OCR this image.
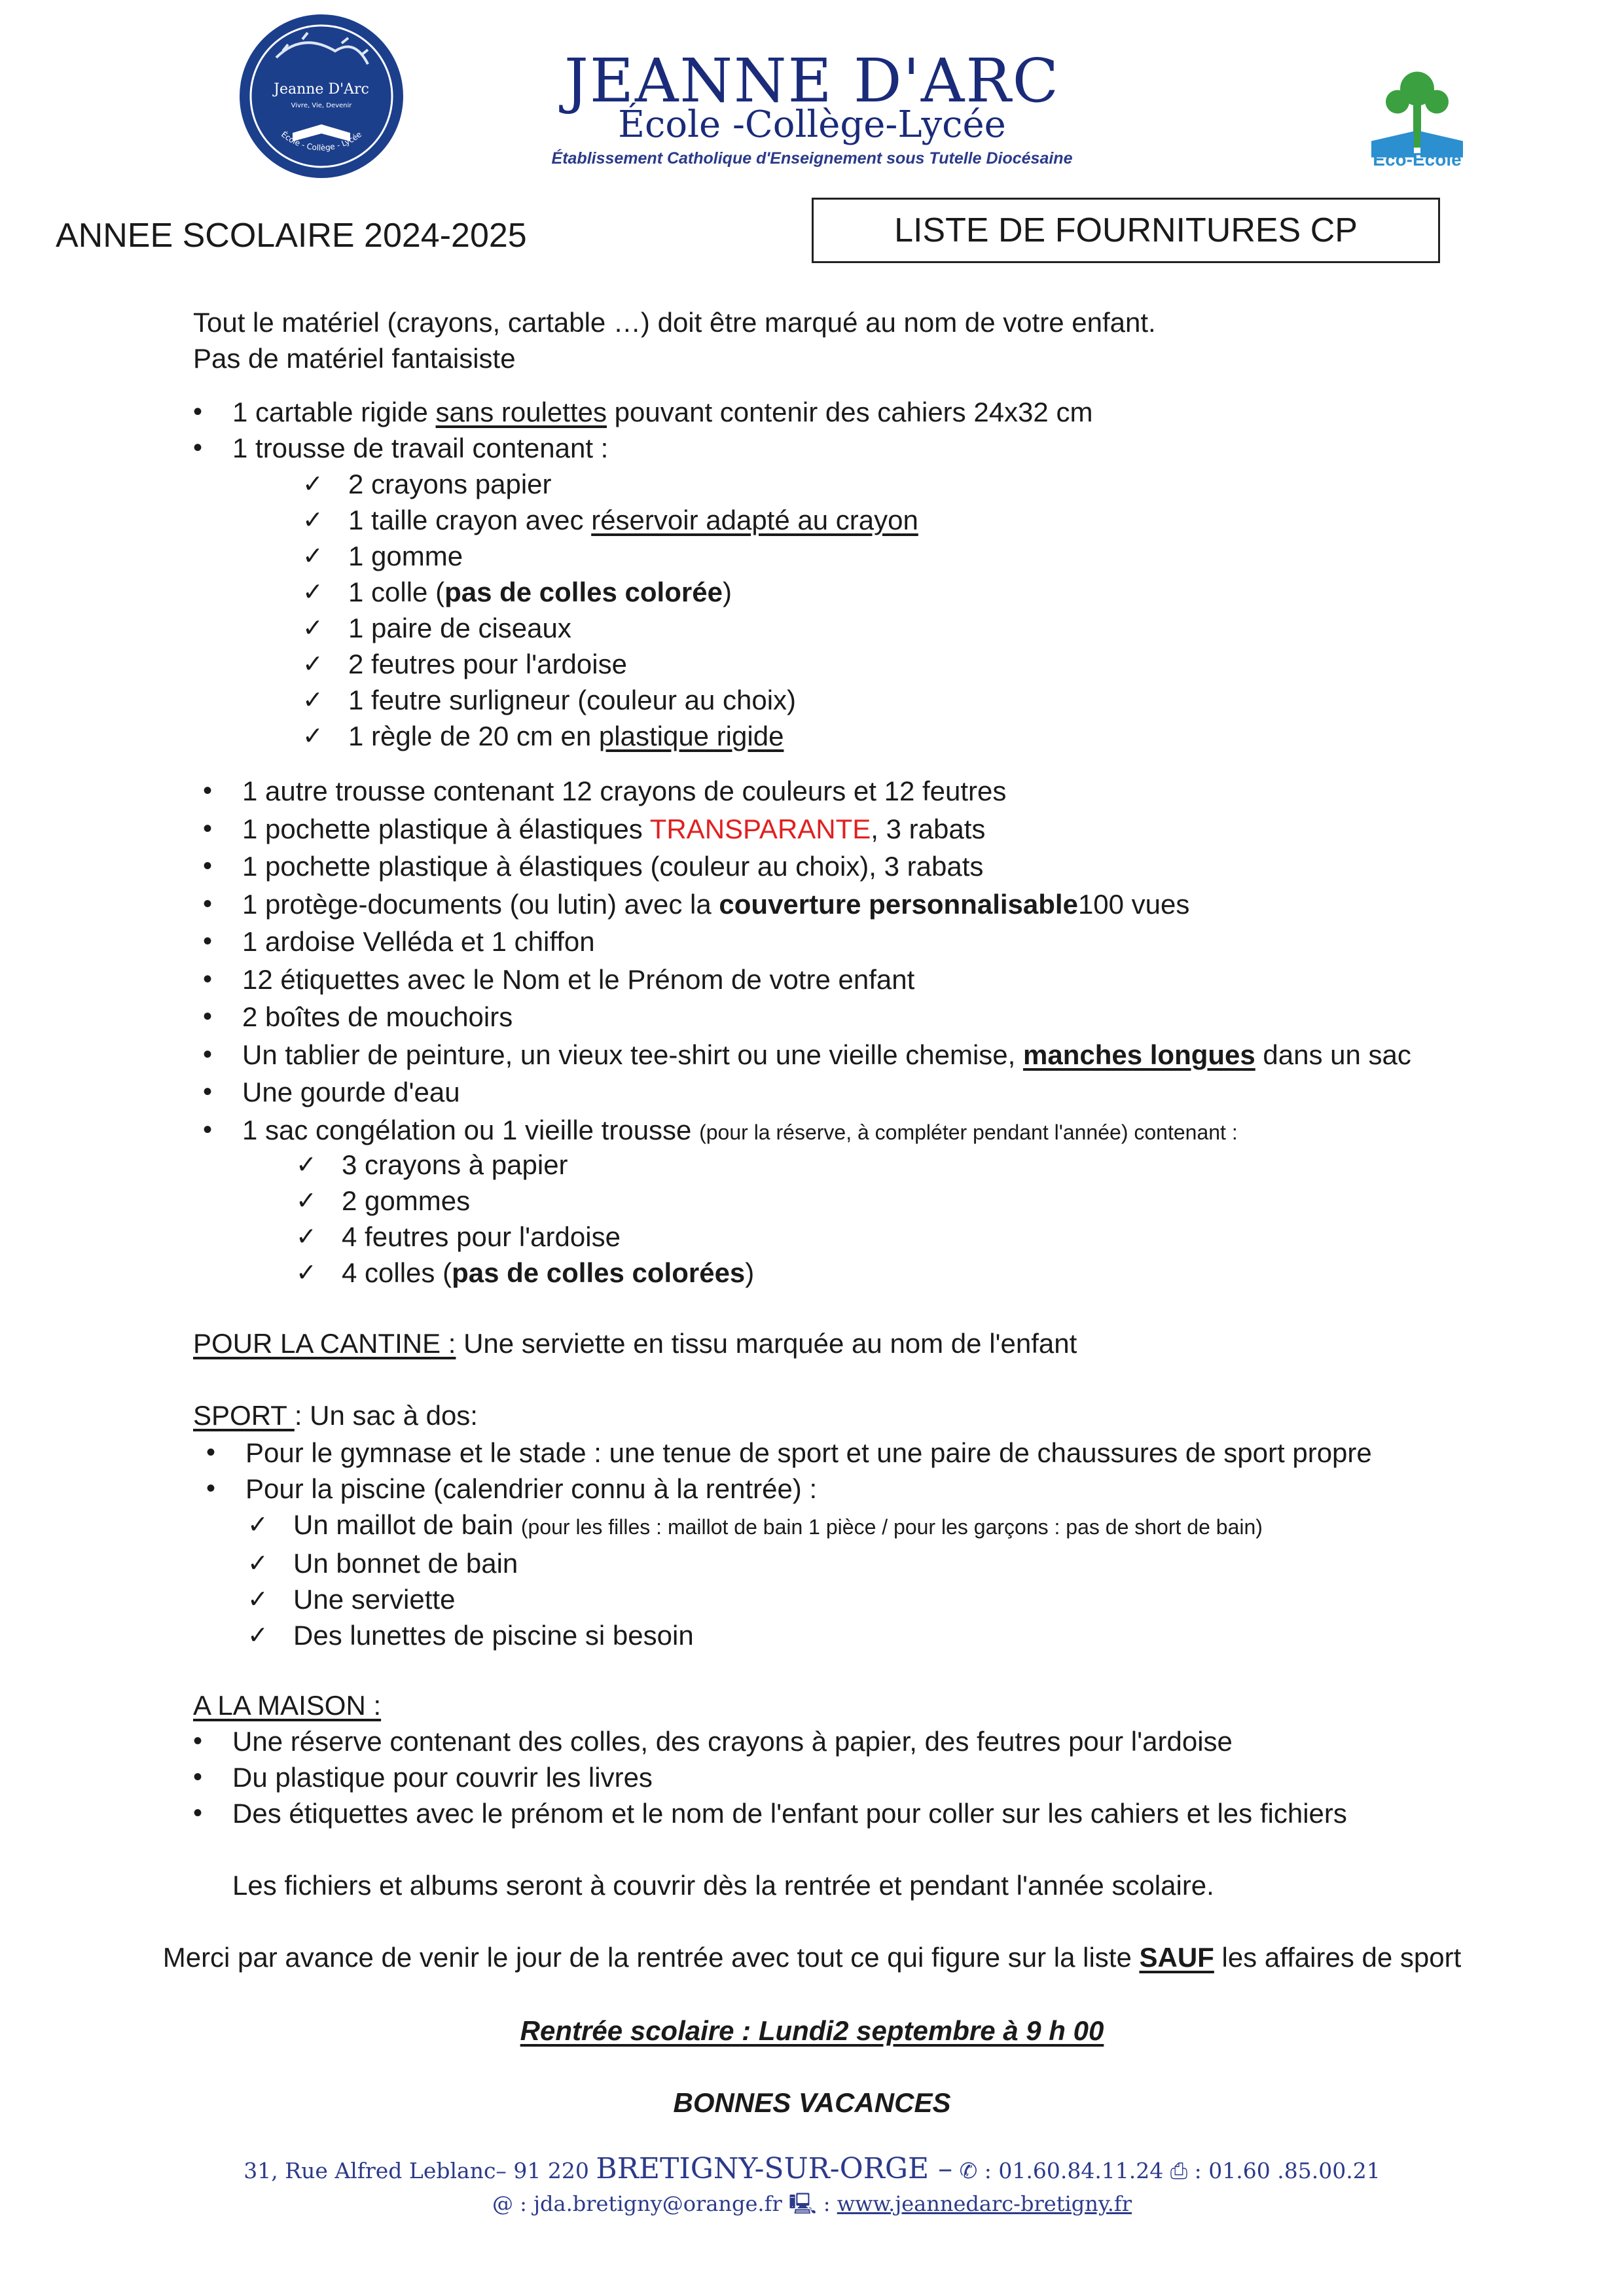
Jeanne D'Arc
Vivre, Vie, Devenir
École - Collège - Lycée
JEANNE D'ARC
École -Collège-Lycée
Établissement Catholique d'Enseignement sous Tutelle Diocésaine	Eco-Ecole
ANNEE SCOLAIRE 2024-2025	LISTE DE FOURNITURES CP
Tout le matériel (crayons, cartable …) doit être marqué au nom de votre enfant.
Pas de matériel fantaisiste
• 1 cartable rigide sans roulettes pouvant contenir des cahiers 24x32 cm
• 1 trousse de travail contenant :
✓ 2 crayons papier
✓ 1 taille crayon avec réservoir adapté au crayon
✓ 1 gomme
✓ 1 colle (pas de colles colorée)
✓ 1 paire de ciseaux
✓ 2 feutres pour l'ardoise
✓ 1 feutre surligneur (couleur au choix)
✓ 1 règle de 20 cm en plastique rigide
• 1 autre trousse contenant 12 crayons de couleurs et 12 feutres
• 1 pochette plastique à élastiques TRANSPARANTE, 3 rabats
• 1 pochette plastique à élastiques (couleur au choix), 3 rabats
• 1 protège-documents (ou lutin) avec la couverture personnalisable100 vues
• 1 ardoise Velléda et 1 chiffon
• 12 étiquettes avec le Nom et le Prénom de votre enfant
• 2 boîtes de mouchoirs
• Un tablier de peinture, un vieux tee-shirt ou une vieille chemise, manches longues dans un sac
• Une gourde d'eau
• 1 sac congélation ou 1 vieille trousse (pour la réserve, à compléter pendant l'année) contenant :
✓ 3 crayons à papier
✓ 2 gommes
✓ 4 feutres pour l'ardoise
✓ 4 colles (pas de colles colorées)
POUR LA CANTINE : Une serviette en tissu marquée au nom de l'enfant
SPORT : Un sac à dos:
• Pour le gymnase et le stade : une tenue de sport et une paire de chaussures de sport propre
• Pour la piscine (calendrier connu à la rentrée) :
✓ Un maillot de bain (pour les filles : maillot de bain 1 pièce / pour les garçons : pas de short de bain)
✓ Un bonnet de bain
✓ Une serviette
✓ Des lunettes de piscine si besoin
A LA MAISON :
• Une réserve contenant des colles, des crayons à papier, des feutres pour l'ardoise
• Du plastique pour couvrir les livres
• Des étiquettes avec le prénom et le nom de l'enfant pour coller sur les cahiers et les fichiers
Les fichiers et albums seront à couvrir dès la rentrée et pendant l'année scolaire.
Merci par avance de venir le jour de la rentrée avec tout ce qui figure sur la liste SAUF les affaires de sport
Rentrée scolaire : Lundi2 septembre à 9 h 00
BONNES VACANCES
31, Rue Alfred Leblanc– 91 220 BRETIGNY-SUR-ORGE – ✆ : 01.60.84.11.24 ⎙ : 01.60 .85.00.21
@ : jda.bretigny@orange.fr 🖳 : www.jeannedarc-bretigny.fr
